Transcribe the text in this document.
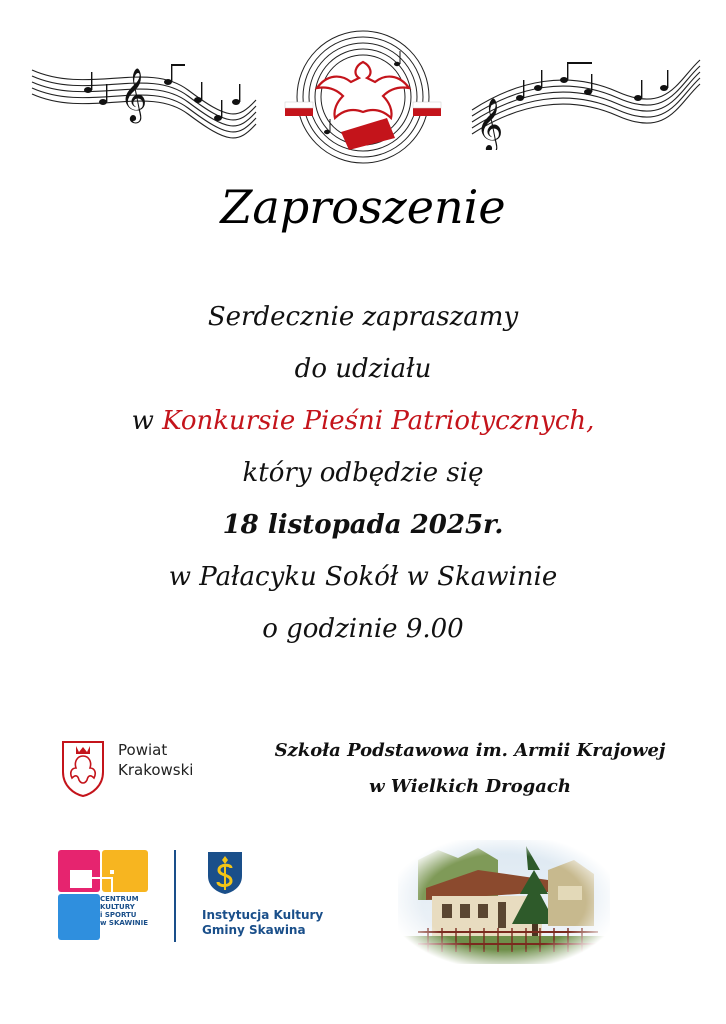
𝄞
𝄞
Zaproszenie
Serdecznie zapraszamy
do udziału
w Konkursie Pieśni Patriotycznych,
który odbędzie się
18 listopada 2025r.
w Pałacyku Sokół w Skawinie
o godzinie 9.00
Powiat
Krakowski
Szkoła Podstawowa im. Armii Krajowej
w Wielkich Drogach
CENTRUM
KULTURY
i SPORTU
w SKAWINIE
Instytucja Kultury
Gminy Skawina
